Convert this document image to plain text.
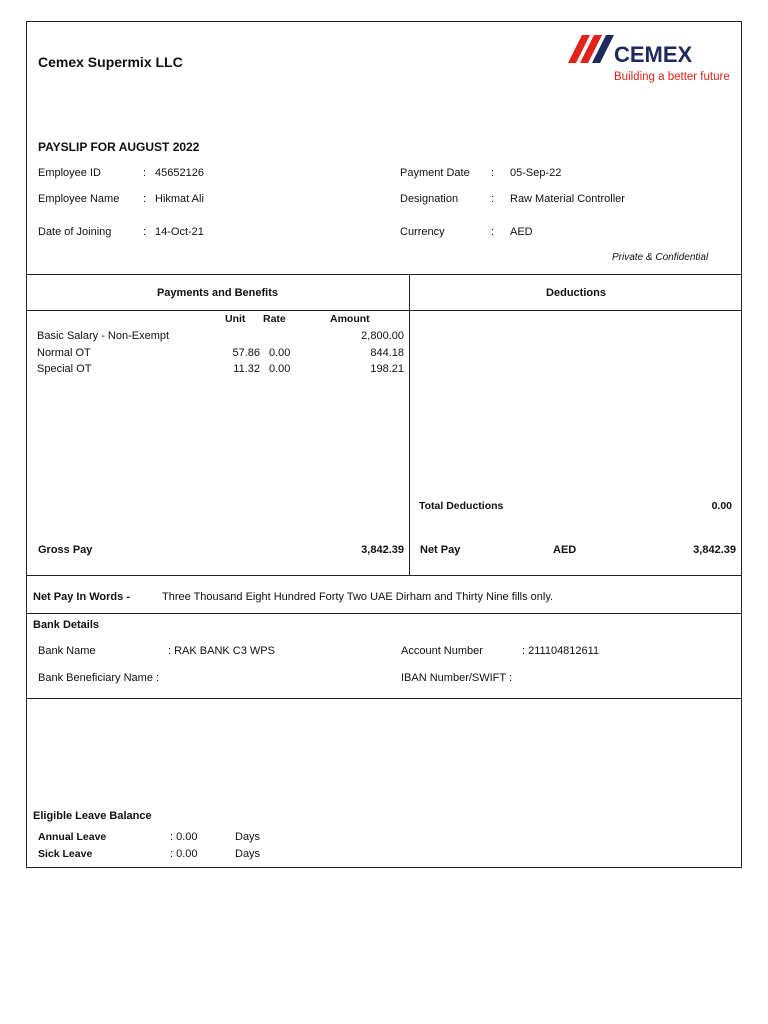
Cemex Supermix LLC	CEMEX
Building a better future
PAYSLIP FOR AUGUST 2022
Employee ID	: 45652126
Employee Name : Hikmat Ali
Date of Joining	: 14-Oct-21
Payment Date : 05-Sep-22
Designation	: Raw Material Controller
Currency	: AED
Private & Confidential
Payments and Benefits	Deductions
Unit Rate	Amount
Basic Salary - Non-Exempt	2,800.00
Normal OT	57.86 0.00	844.18
Special OT	11.32 0.00	198.21
Total Deductions	0.00
Gross Pay	3,842.39 Net Pay	AED	3,842.39
Net Pay In Words -	Three Thousand Eight Hundred Forty Two UAE Dirham and Thirty Nine fills only.
Bank Details
Bank Name	: RAK BANK C3 WPS
Bank Beneficiary Name :
Account Number	: 211104812611
IBAN Number/SWIFT :
Eligible Leave Balance
Annual Leave	: 0.00	Days
Sick Leave	: 0.00	Days
